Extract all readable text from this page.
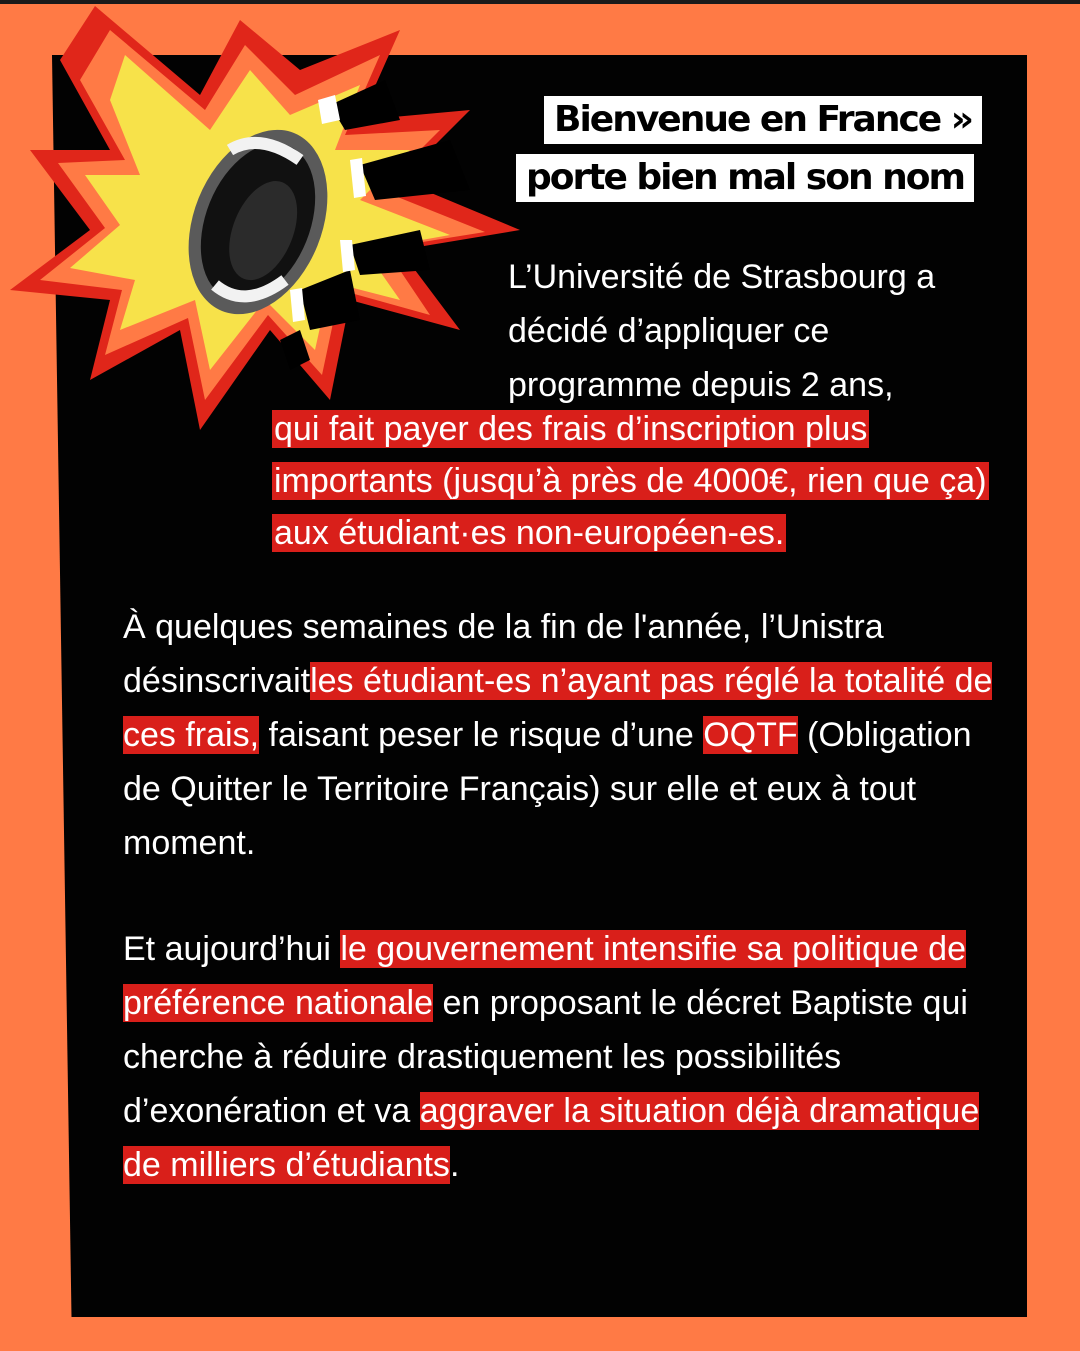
Bienvenue en France »
porte bien mal son nom
L’Université de Strasbourg a décidé d’appliquer ce programme depuis 2 ans,
qui fait payer des frais d’inscription plus importants (jusqu’à près de 4000€, rien que ça) aux étudiant·es non-européen-es.
À quelques semaines de la fin de l'année, l’Unistra désinscrivaitles étudiant-es n’ayant pas réglé la totalité de ces frais, faisant peser le risque d’une OQTF (Obligation de Quitter le Territoire Français) sur elle et eux à tout moment.
Et aujourd’hui le gouvernement intensifie sa politique de préférence nationale en proposant le décret Baptiste qui cherche à réduire drastiquement les possibilités d’exonération et va aggraver la situation déjà dramatique de milliers d’étudiants.
